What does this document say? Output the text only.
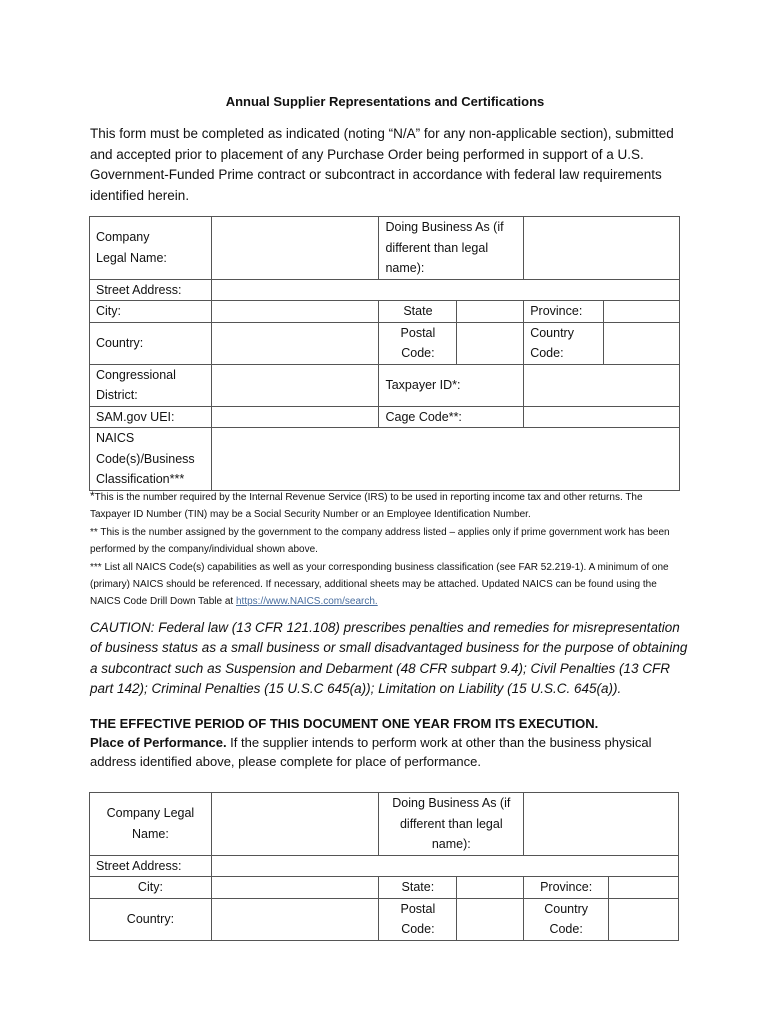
Annual Supplier Representations and Certifications
This form must be completed as indicated (noting “N/A” for any non-applicable section), submitted and accepted prior to placement of any Purchase Order being performed in support of a U.S. Government-Funded Prime contract or subcontract in accordance with federal law requirements identified herein.
Company
Legal Name:		Doing Business As (if different than legal name):			
Street Address:					
City:		State		Province:	
Country:		Postal Code:		Country Code:	
Congressional District:		Taxpayer ID*:			
SAM.gov UEI:		Cage Code**:			
NAICS Code(s)/Business Classification***					
*This is the number required by the Internal Revenue Service (IRS) to be used in reporting income tax and other returns. The Taxpayer ID Number (TIN) may be a Social Security Number or an Employee Identification Number.
** This is the number assigned by the government to the company address listed – applies only if prime government work has been performed by the company/individual shown above.
*** List all NAICS Code(s) capabilities as well as your corresponding business classification (see FAR 52.219-1). A minimum of one (primary) NAICS should be referenced. If necessary, additional sheets may be attached. Updated NAICS can be found using the NAICS Code Drill Down Table at https://www.NAICS.com/search.
CAUTION: Federal law (13 CFR 121.108) prescribes penalties and remedies for misrepresentation of business status as a small business or small disadvantaged business for the purpose of obtaining a subcontract such as Suspension and Debarment (48 CFR subpart 9.4); Civil Penalties (13 CFR part 142); Criminal Penalties (15 U.S.C 645(a)); Limitation on Liability (15 U.S.C. 645(a)).
THE EFFECTIVE PERIOD OF THIS DOCUMENT ONE YEAR FROM ITS EXECUTION.
Place of Performance. If the supplier intends to perform work at other than the business physical address identified above, please complete for place of performance.
Company Legal Name:		Doing Business As (if different than legal name):			
Street Address:					
City:		State:		Province:	
Country:		Postal Code:		Country Code:	
